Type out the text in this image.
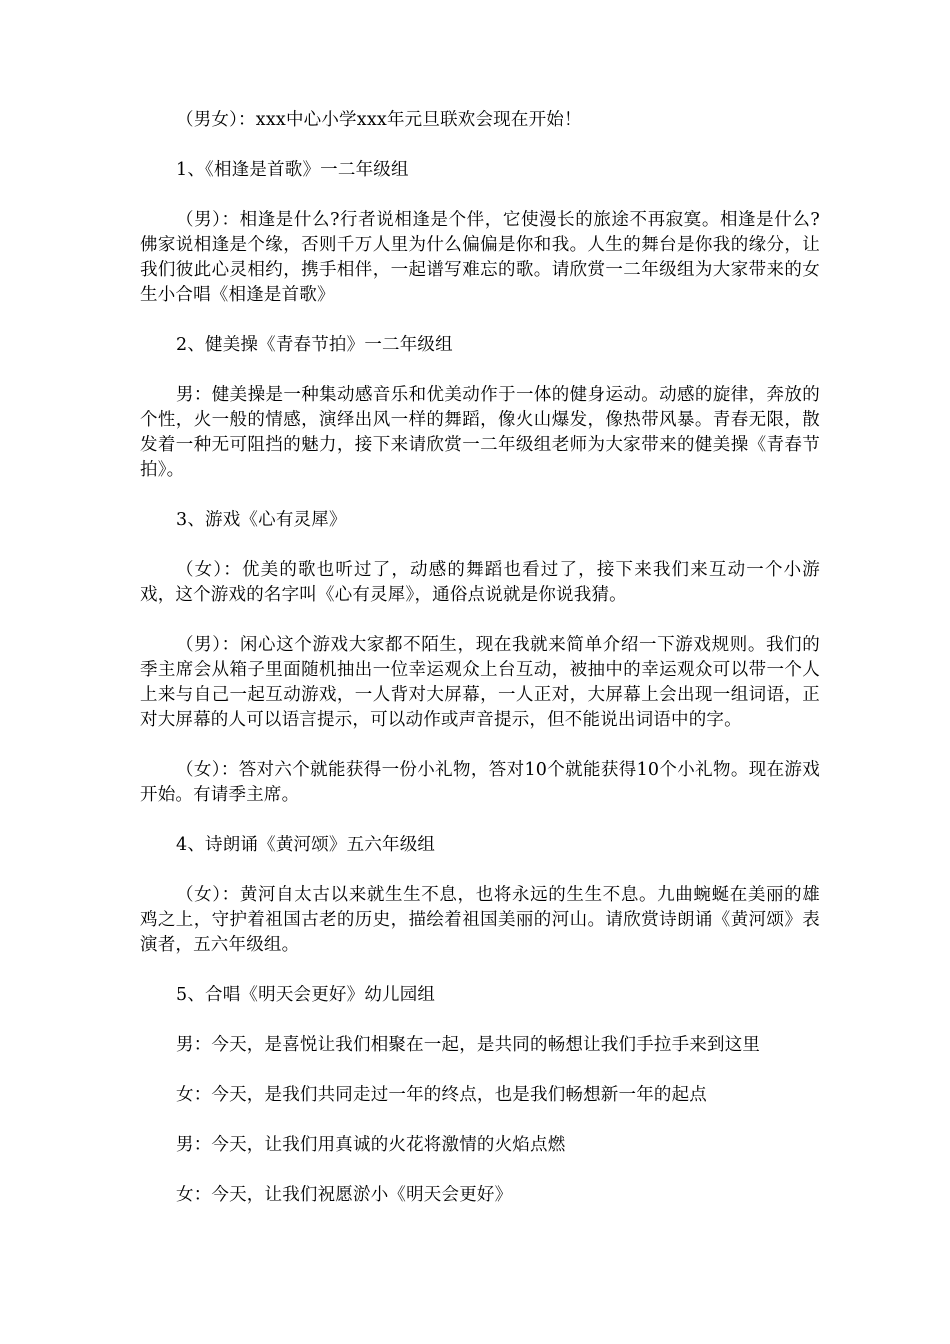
（男女）：xxx中心小学xxx年元旦联欢会现在开始！

1、《相逢是首歌》一二年级组

（男）：相逢是什么?行者说相逢是个伴，它使漫长的旅途不再寂寞。相逢是什么?佛家说相逢是个缘，否则千万人里为什么偏偏是你和我。人生的舞台是你我的缘分，让我们彼此心灵相约，携手相伴，一起谱写难忘的歌。请欣赏一二年级组为大家带来的女生小合唱《相逢是首歌》

2、健美操《青春节拍》一二年级组

男：健美操是一种集动感音乐和优美动作于一体的健身运动。动感的旋律，奔放的个性，火一般的情感，演绎出风一样的舞蹈，像火山爆发，像热带风暴。青春无限，散发着一种无可阻挡的魅力，接下来请欣赏一二年级组老师为大家带来的健美操《青春节拍》。

3、游戏《心有灵犀》

（女）：优美的歌也听过了，动感的舞蹈也看过了，接下来我们来互动一个小游戏，这个游戏的名字叫《心有灵犀》，通俗点说就是你说我猜。

（男）：闲心这个游戏大家都不陌生，现在我就来简单介绍一下游戏规则。我们的季主席会从箱子里面随机抽出一位幸运观众上台互动，被抽中的幸运观众可以带一个人上来与自己一起互动游戏，一人背对大屏幕，一人正对，大屏幕上会出现一组词语，正对大屏幕的人可以语言提示，可以动作或声音提示，但不能说出词语中的字。

（女）：答对六个就能获得一份小礼物，答对10个就能获得10个小礼物。现在游戏开始。有请季主席。

4、诗朗诵《黄河颂》五六年级组

（女）：黄河自太古以来就生生不息，也将永远的生生不息。九曲蜿蜒在美丽的雄鸡之上，守护着祖国古老的历史，描绘着祖国美丽的河山。请欣赏诗朗诵《黄河颂》表演者，五六年级组。

5、合唱《明天会更好》幼儿园组

男：今天，是喜悦让我们相聚在一起，是共同的畅想让我们手拉手来到这里

女：今天，是我们共同走过一年的终点，也是我们畅想新一年的起点

男：今天，让我们用真诚的火花将激情的火焰点燃

女：今天，让我们祝愿淤小《明天会更好》
